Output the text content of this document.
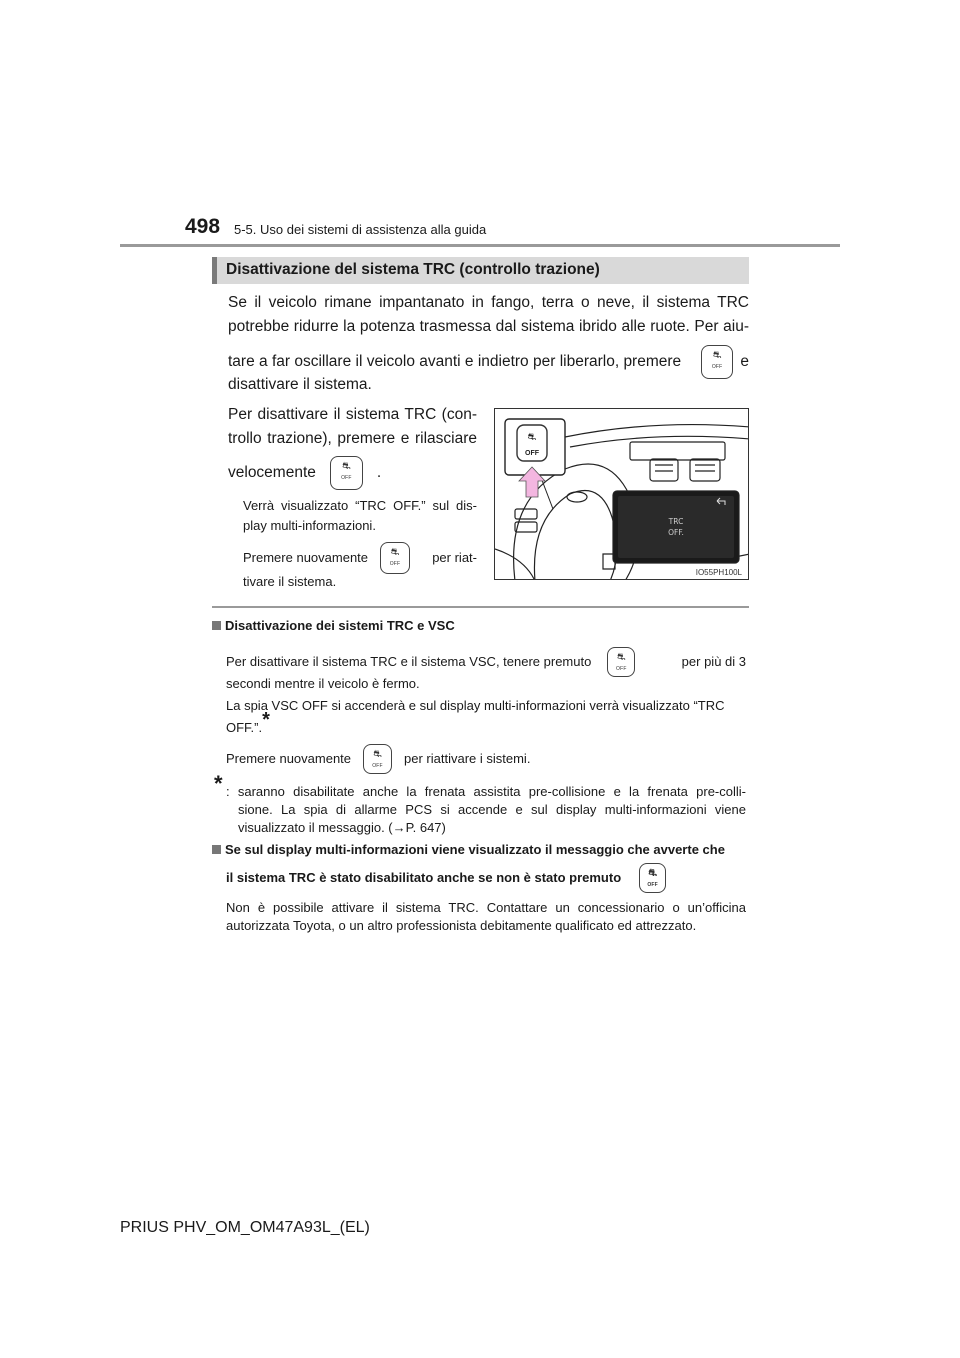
498 5-5. Uso dei sistemi di assistenza alla guida
Disattivazione del sistema TRC (controllo trazione)
Se il veicolo rimane impantanato in fango, terra o neve, il sistema TRC
potrebbe ridurre la potenza trasmessa dal sistema ibrido alle ruote. Per aiu-
tare a far oscillare il veicolo avanti e indietro per liberarlo, premere	⛐
OFF	e
disattivare il sistema.
Per disattivare il sistema TRC (con-
trollo trazione), premere e rilasciare
velocemente	⛐
OFF	.
Verrà visualizzato “TRC OFF.” sul dis-
play multi-informazioni.
Premere nuovamente	⛐
OFF	per riat-
tivare il sistema.
⛐
OFF
TRC
OFF.
IO55PH100L
Disattivazione dei sistemi TRC e VSC
Per disattivare il sistema TRC e il sistema VSC, tenere premuto	⛐
OFF	per più di 3
secondi mentre il veicolo è fermo.
La spia VSC OFF si accenderà e sul display multi-informazioni verrà visualizzato “TRC
OFF.”.*
Premere nuovamente	⛐
OFF	per riattivare i sistemi.
* : saranno disabilitate anche la frenata assistita pre-collisione e la frenata pre-colli-
sione. La spia di allarme PCS si accende e sul display multi-informazioni viene
visualizzato il messaggio. (→P. 647)
Se sul display multi-informazioni viene visualizzato il messaggio che avverte che
il sistema TRC è stato disabilitato anche se non è stato premuto	⛐
OFF
Non è possibile attivare il sistema TRC. Contattare un concessionario o un’officina
autorizzata Toyota, o un altro professionista debitamente qualificato ed attrezzato.
PRIUS PHV_OM_OM47A93L_(EL)
